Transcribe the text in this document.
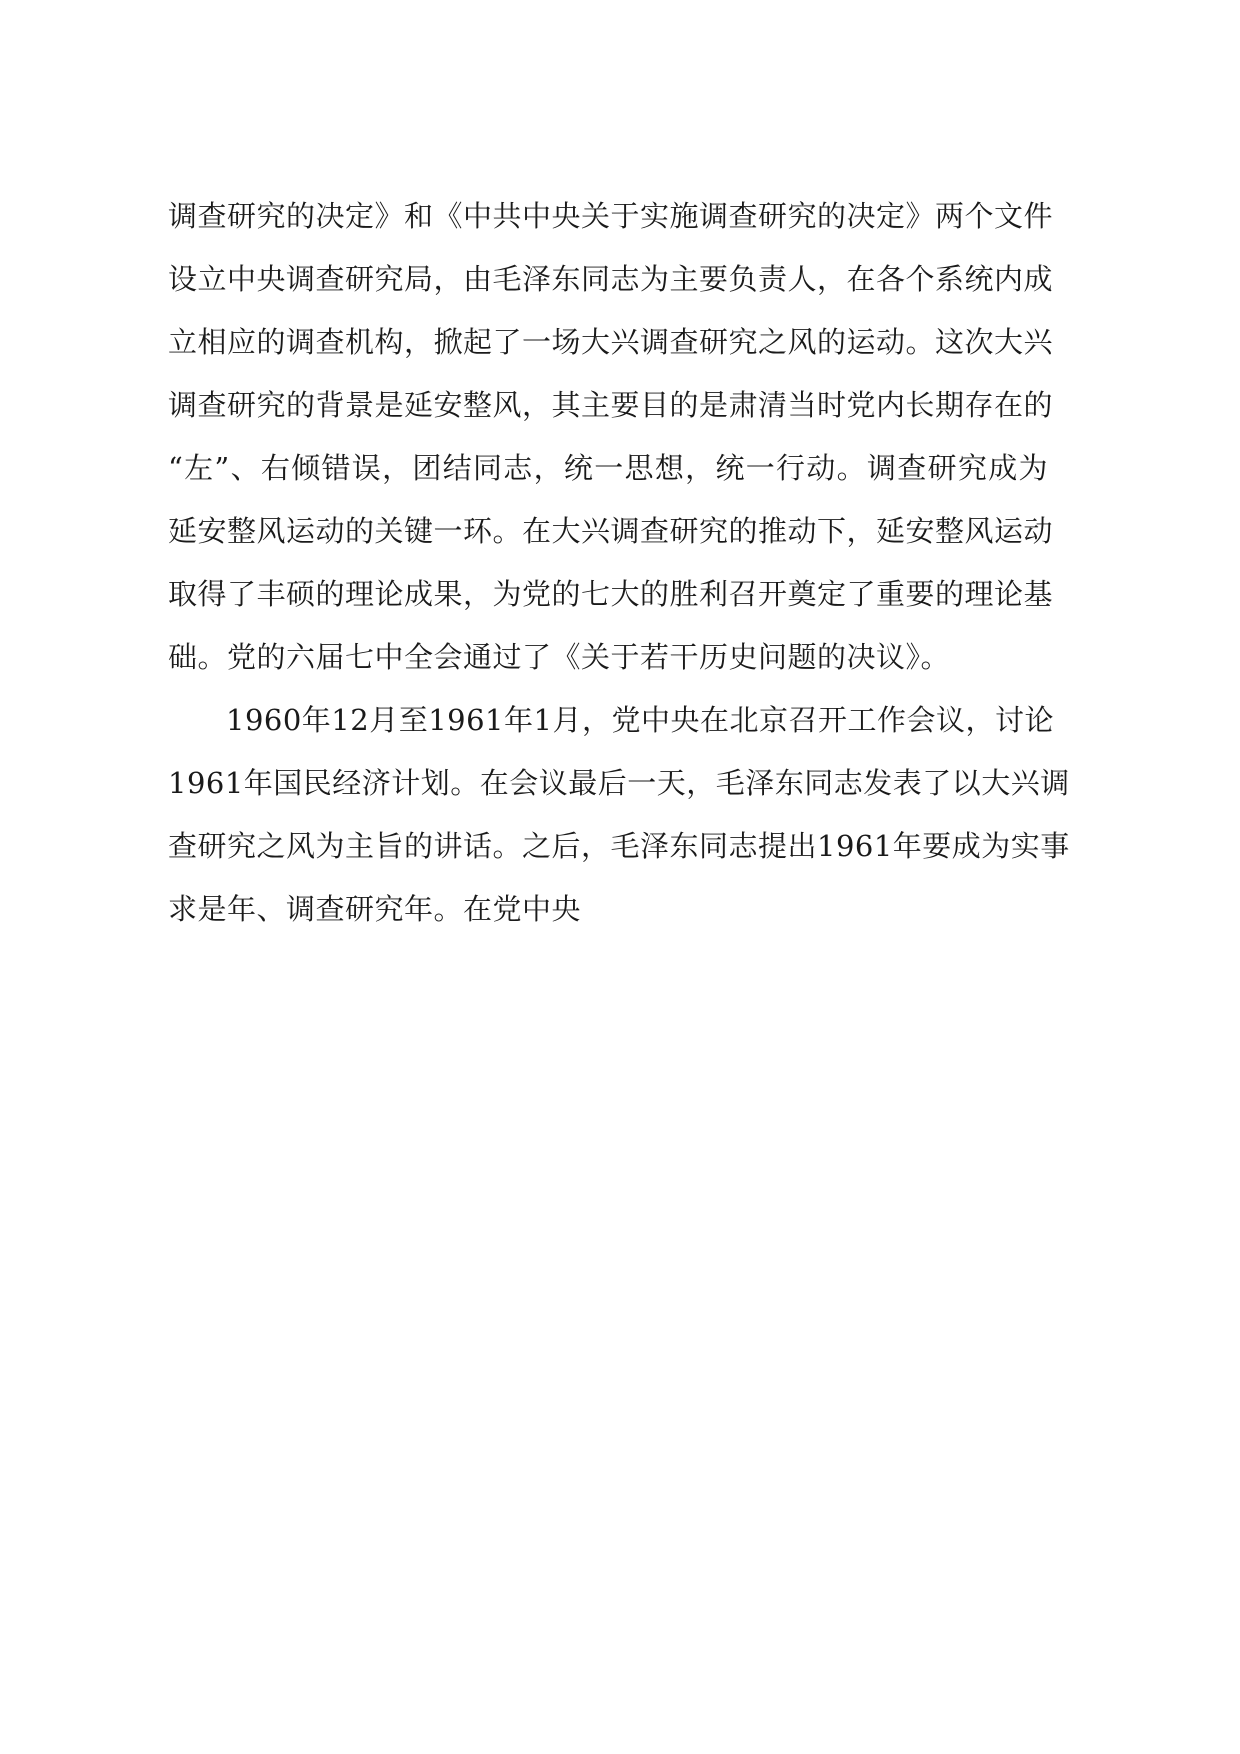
调查研究的决定》和《中共中央关于实施调查研究的决定》两个文件
设立中央调查研究局，由毛泽东同志为主要负责人，在各个系统内成
立相应的调查机构，掀起了一场大兴调查研究之风的运动。这次大兴
调查研究的背景是延安整风，其主要目的是肃清当时党内长期存在的
“左”、右倾错误，团结同志，统一思想，统一行动。调查研究成为
延安整风运动的关键一环。在大兴调查研究的推动下，延安整风运动
取得了丰硕的理论成果，为党的七大的胜利召开奠定了重要的理论基
础。党的六届七中全会通过了《关于若干历史问题的决议》。
1960年12月至1961年1月，党中央在北京召开工作会议，讨论
1961年国民经济计划。在会议最后一天，毛泽东同志发表了以大兴调
查研究之风为主旨的讲话。之后，毛泽东同志提出1961年要成为实事
求是年、调查研究年。在党中央
